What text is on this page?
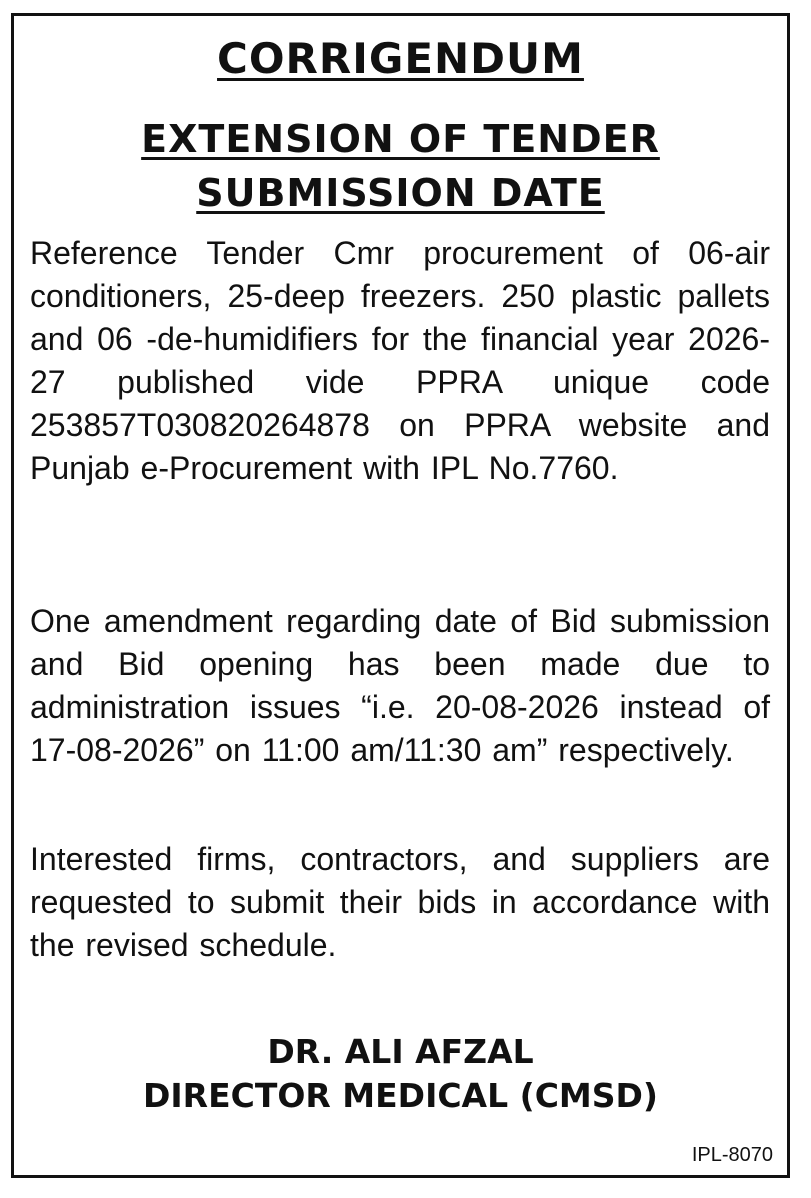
CORRIGENDUM
EXTENSION OF TENDER
SUBMISSION DATE

Reference Tender Cmr procurement of 06-air conditioners, 25-deep freezers. 250 plastic pallets and 06 -de-humidifiers for the financial year 2026-27 published vide PPRA unique code 253857T030820264878 on PPRA website and Punjab e-Procurement with IPL No.7760.

One amendment regarding date of Bid submission and Bid opening has been made due to administration issues “i.e. 20-08-2026 instead of 17-08-2026” on 11:00 am/11:30 am” respectively.

Interested firms, contractors, and suppliers are requested to submit their bids in accordance with the revised schedule.

DR. ALI AFZAL
DIRECTOR MEDICAL (CMSD)
IPL-8070
